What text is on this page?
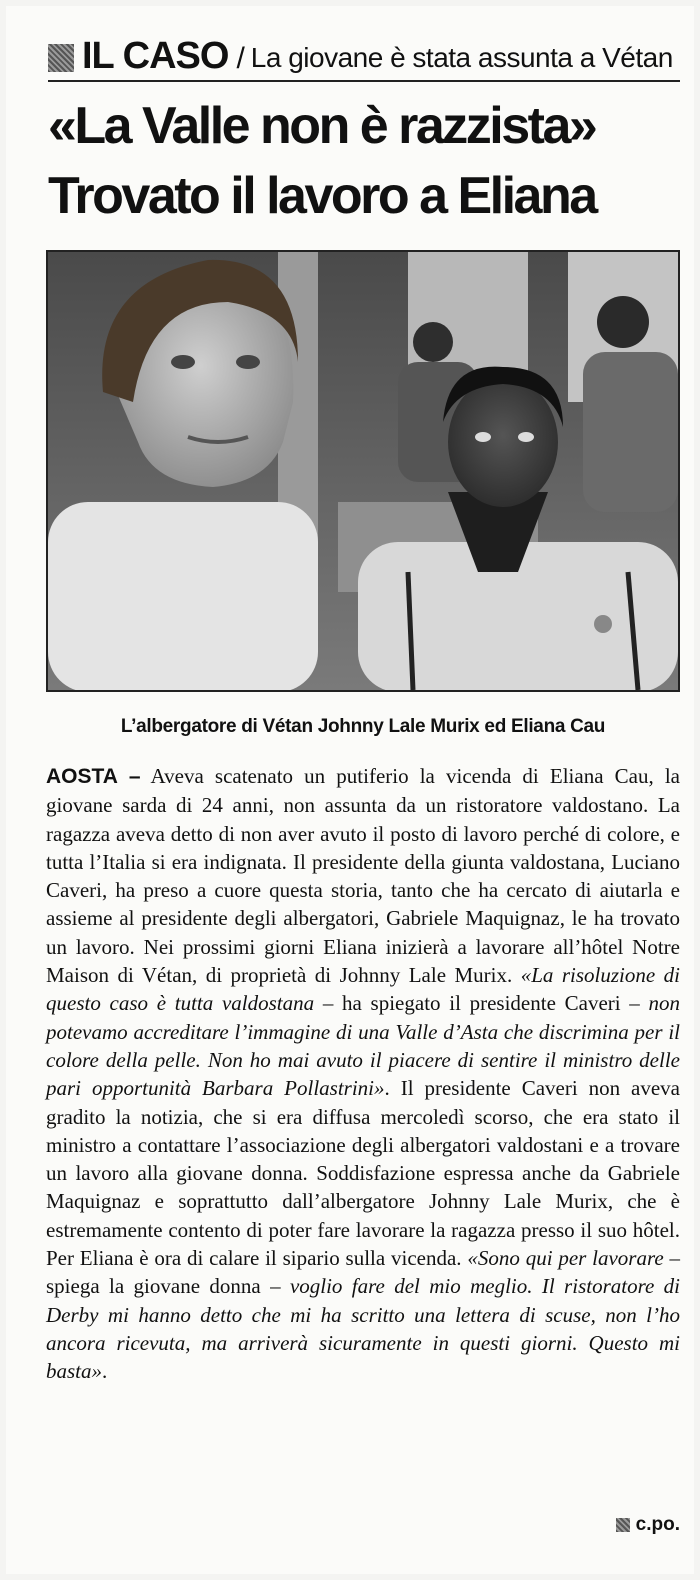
IL CASO / La giovane è stata assunta a Vétan
«La Valle non è razzista»
Trovato il lavoro a Eliana
L’albergatore di Vétan Johnny Lale Murix ed Eliana Cau

AOSTA – Aveva scatenato un putiferio la vicenda di Eliana Cau, la giovane sarda di 24 anni, non assunta da un ristoratore valdostano. La ragazza aveva detto di non aver avuto il posto di lavoro perché di colore, e tutta l’Italia si era indignata. Il presidente della giunta valdostana, Luciano Caveri, ha preso a cuore questa storia, tanto che ha cercato di aiutarla e assieme al presidente degli albergatori, Gabriele Maquignaz, le ha trovato un lavoro. Nei prossimi giorni Eliana inizierà a lavorare all’hôtel Notre Maison di Vétan, di proprietà di Johnny Lale Murix. «La risoluzione di questo caso è tutta valdostana – ha spiegato il presidente Caveri – non potevamo accreditare l’immagine di una Valle d’Asta che discrimina per il colore della pelle. Non ho mai avuto il piacere di sentire il ministro delle pari opportunità Barbara Pollastrini». Il presidente Caveri non aveva gradito la notizia, che si era diffusa mercoledì scorso, che era stato il ministro a contattare l’associazione degli albergatori valdostani e a trovare un lavoro alla giovane donna. Soddisfazione espressa anche da Gabriele Maquignaz e soprattutto dall’albergatore Johnny Lale Murix, che è estremamente contento di poter fare lavorare la ragazza presso il suo hôtel. Per Eliana è ora di calare il sipario sulla vicenda. «Sono qui per lavorare – spiega la giovane donna – voglio fare del mio meglio. Il ristoratore di Derby mi hanno detto che mi ha scritto una lettera di scuse, non l’ho ancora ricevuta, ma arriverà sicuramente in questi giorni. Questo mi basta».

c.po.
